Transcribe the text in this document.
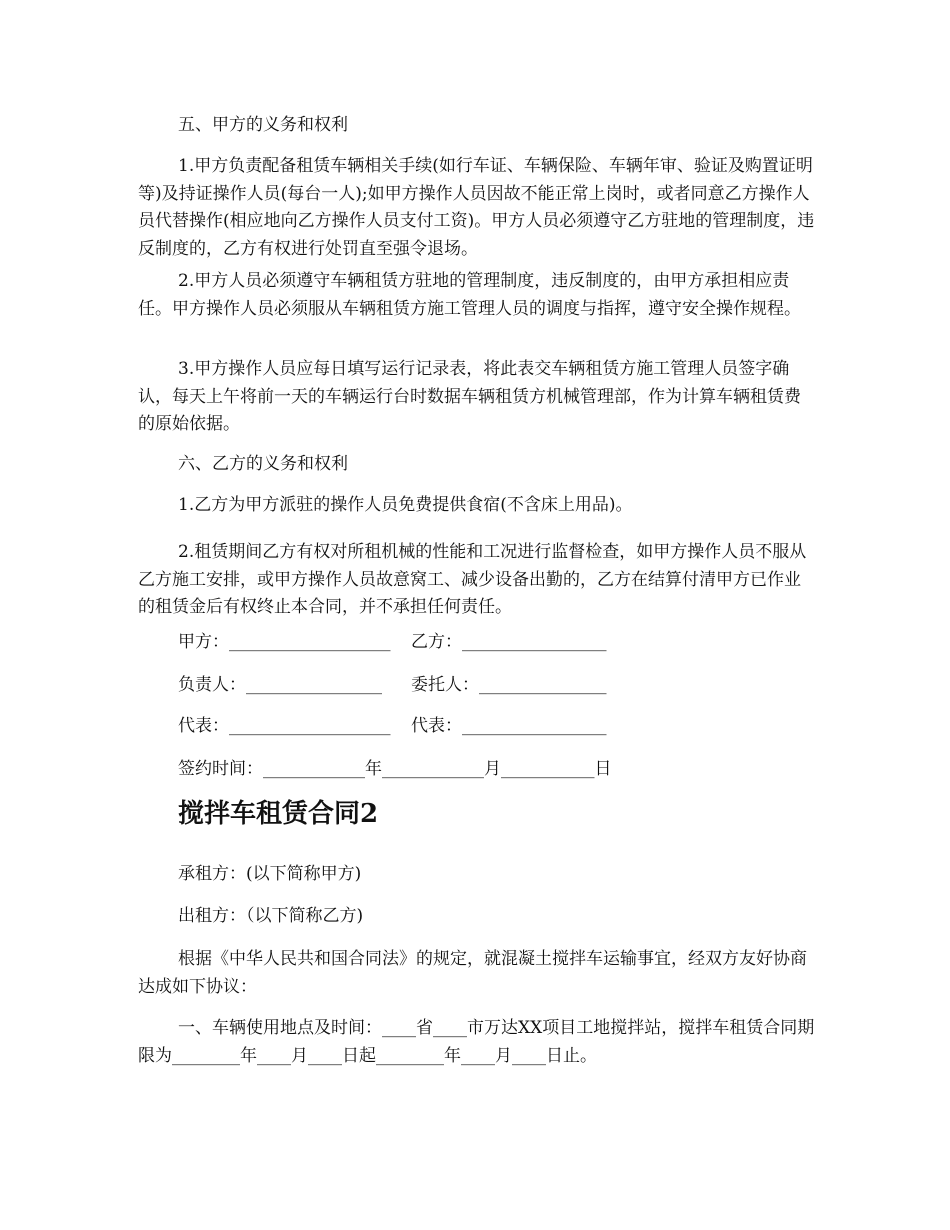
五、甲方的义务和权利

1.甲方负责配备租赁车辆相关手续(如行车证、车辆保险、车辆年审、验证及购置证明等)及持证操作人员(每台一人);如甲方操作人员因故不能正常上岗时，或者同意乙方操作人员代替操作(相应地向乙方操作人员支付工资)。甲方人员必须遵守乙方驻地的管理制度，违反制度的，乙方有权进行处罚直至强令退场。

2.甲方人员必须遵守车辆租赁方驻地的管理制度，违反制度的，由甲方承担相应责任。甲方操作人员必须服从车辆租赁方施工管理人员的调度与指挥，遵守安全操作规程。

3.甲方操作人员应每日填写运行记录表，将此表交车辆租赁方施工管理人员签字确认，每天上午将前一天的车辆运行台时数据车辆租赁方机械管理部，作为计算车辆租赁费的原始依据。

六、乙方的义务和权利

1.乙方为甲方派驻的操作人员免费提供食宿(不含床上用品)。

2.租赁期间乙方有权对所租机械的性能和工况进行监督检查，如甲方操作人员不服从乙方施工安排，或甲方操作人员故意窝工、减少设备出勤的，乙方在结算付清甲方已作业的租赁金后有权终止本合同，并不承担任何责任。

甲方：___________________ 乙方：_________________

负责人：________________ 委托人：_______________

代表：___________________ 代表：_________________

签约时间：____________年____________月___________日

搅拌车租赁合同2

承租方：(以下简称甲方)

出租方：（以下简称乙方)

根据《中华人民共和国合同法》的规定，就混凝土搅拌车运输事宜，经双方友好协商达成如下协议：

一、车辆使用地点及时间：____省____市万达XX项目工地搅拌站，搅拌车租赁合同期限为________年____月____日起________年____月____日止。
